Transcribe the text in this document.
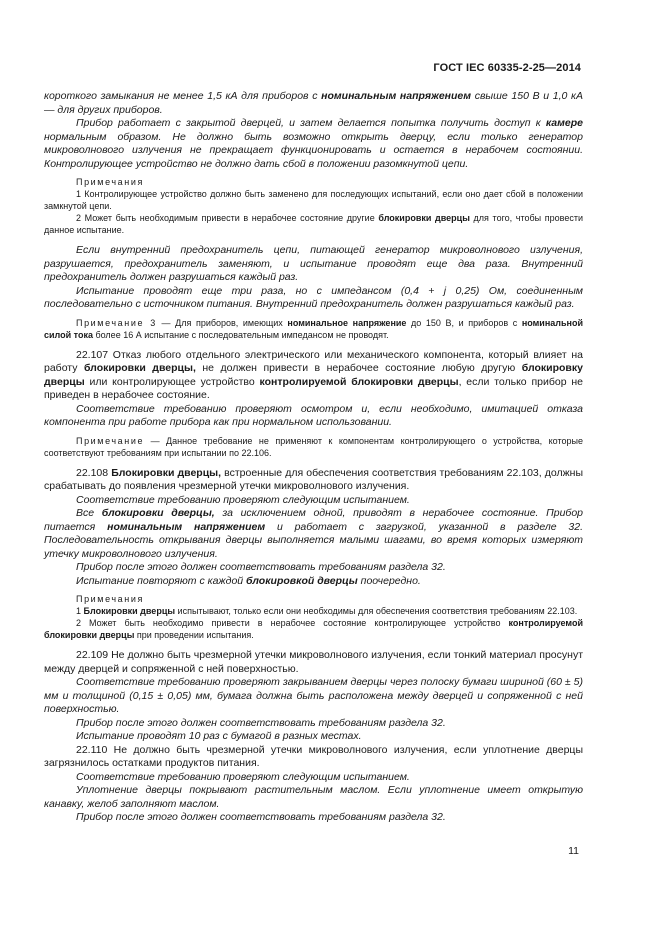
ГОСТ IEC 60335-2-25—2014

короткого замыкания не менее 1,5 кА для приборов с номинальным напряжением свыше 150 В и 1,0 кА — для других приборов.

Прибор работает с закрытой дверцей, и затем делается попытка получить доступ к камере нормальным образом. Не должно быть возможно открыть дверцу, если только генератор микроволнового излучения не прекращает функционировать и остается в нерабочем состоянии. Контролирующее устройство не должно дать сбой в положении разомкнутой цепи.

Примечания

1 Контролирующее устройство должно быть заменено для последующих испытаний, если оно дает сбой в положении замкнутой цепи.

2 Может быть необходимым привести в нерабочее состояние другие блокировки дверцы для того, чтобы провести данное испытание.

Если внутренний предохранитель цепи, питающей генератор микроволнового излучения, разрушается, предохранитель заменяют, и испытание проводят еще два раза. Внутренний предохранитель должен разрушаться каждый раз.

Испытание проводят еще три раза, но с импедансом (0,4 + j 0,25) Ом, соединенным последовательно с источником питания. Внутренний предохранитель должен разрушаться каждый раз.

Примечание 3 — Для приборов, имеющих номинальное напряжение до 150 В, и приборов с номинальной силой тока более 16 А испытание с последовательным импедансом не проводят.

22.107 Отказ любого отдельного электрического или механического компонента, который влияет на работу блокировки дверцы, не должен привести в нерабочее состояние любую другую блокировку дверцы или контролирующее устройство контролируемой блокировки дверцы, если только прибор не приведен в нерабочее состояние.

Соответствие требованию проверяют осмотром и, если необходимо, имитацией отказа компонента при работе прибора как при нормальном использовании.

Примечание — Данное требование не применяют к компонентам контролирующего о устройства, которые соответствуют требованиям при испытании по 22.106.

22.108 Блокировки дверцы, встроенные для обеспечения соответствия требованиям 22.103, должны срабатывать до появления чрезмерной утечки микроволнового излучения.

Соответствие требованию проверяют следующим испытанием.

Все блокировки дверцы, за исключением одной, приводят в нерабочее состояние. Прибор питается номинальным напряжением и работает с загрузкой, указанной в разделе 32. Последовательность открывания дверцы выполняется малыми шагами, во время которых измеряют утечку микроволнового излучения.

Прибор после этого должен соответствовать требованиям раздела 32.

Испытание повторяют с каждой блокировкой дверцы поочередно.

Примечания

1 Блокировки дверцы испытывают, только если они необходимы для обеспечения соответствия требованиям 22.103.

2 Может быть необходимо привести в нерабочее состояние контролирующее устройство контролируемой блокировки дверцы при проведении испытания.

22.109 Не должно быть чрезмерной утечки микроволнового излучения, если тонкий материал просунут между дверцей и сопряженной с ней поверхностью.

Соответствие требованию проверяют закрыванием дверцы через полоску бумаги шириной (60 ± 5) мм и толщиной (0,15 ± 0,05) мм, бумага должна быть расположена между дверцей и сопряженной с ней поверхностью.

Прибор после этого должен соответствовать требованиям раздела 32.

Испытание проводят 10 раз с бумагой в разных местах.

22.110 Не должно быть чрезмерной утечки микроволнового излучения, если уплотнение дверцы загрязнилось остатками продуктов питания.

Соответствие требованию проверяют следующим испытанием.

Уплотнение дверцы покрывают растительным маслом. Если уплотнение имеет открытую канавку, желоб заполняют маслом.

Прибор после этого должен соответствовать требованиям раздела 32.

11
